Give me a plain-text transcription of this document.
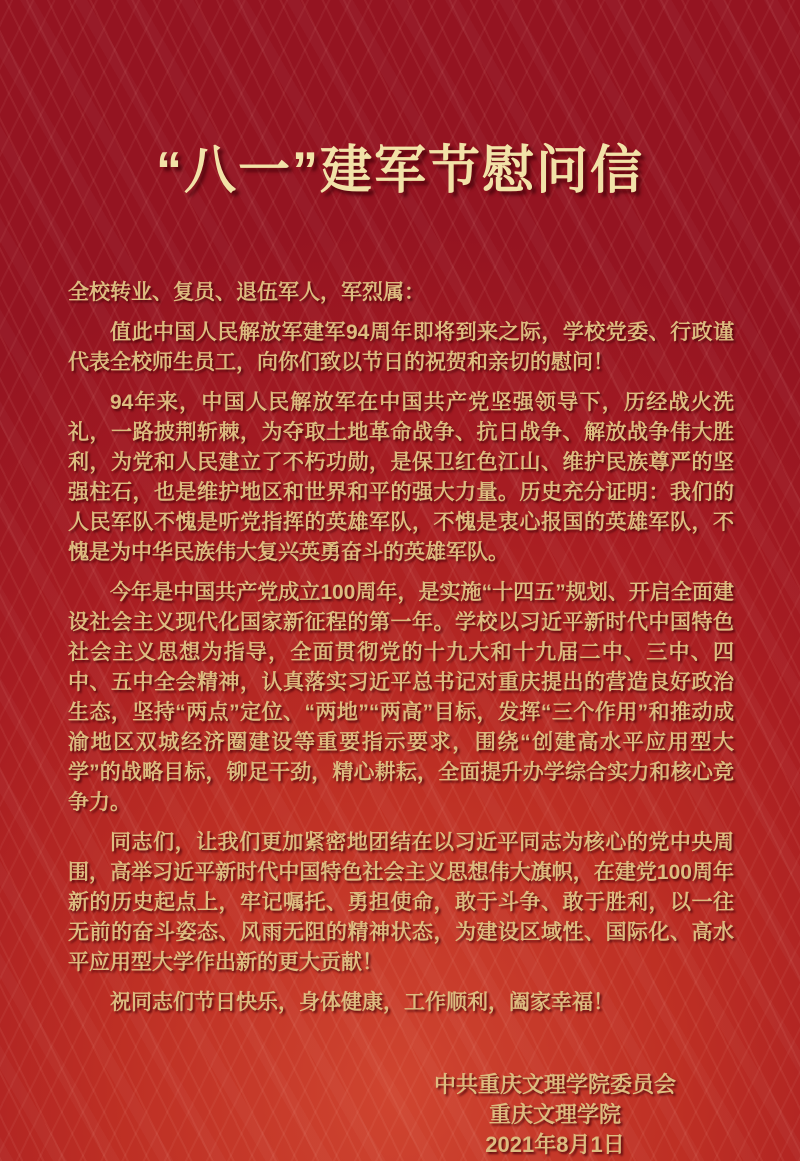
“八一”建军节慰问信

全校转业、复员、退伍军人，军烈属：

值此中国人民解放军建军94周年即将到来之际，学校党委、行政谨代表全校师生员工，向你们致以节日的祝贺和亲切的慰问！

94年来，中国人民解放军在中国共产党坚强领导下，历经战火洗礼，一路披荆斩棘，为夺取土地革命战争、抗日战争、解放战争伟大胜利，为党和人民建立了不朽功勋，是保卫红色江山、维护民族尊严的坚强柱石，也是维护地区和世界和平的强大力量。历史充分证明：我们的人民军队不愧是听党指挥的英雄军队，不愧是衷心报国的英雄军队，不愧是为中华民族伟大复兴英勇奋斗的英雄军队。

今年是中国共产党成立100周年，是实施“十四五”规划、开启全面建设社会主义现代化国家新征程的第一年。学校以习近平新时代中国特色社会主义思想为指导，全面贯彻党的十九大和十九届二中、三中、四中、五中全会精神，认真落实习近平总书记对重庆提出的营造良好政治生态，坚持“两点”定位、“两地”“两高”目标，发挥“三个作用”和推动成渝地区双城经济圈建设等重要指示要求，围绕“创建高水平应用型大学”的战略目标，铆足干劲，精心耕耘，全面提升办学综合实力和核心竞争力。

同志们，让我们更加紧密地团结在以习近平同志为核心的党中央周围，高举习近平新时代中国特色社会主义思想伟大旗帜，在建党100周年新的历史起点上，牢记嘱托、勇担使命，敢于斗争、敢于胜利，以一往无前的奋斗姿态、风雨无阻的精神状态，为建设区域性、国际化、高水平应用型大学作出新的更大贡献！

祝同志们节日快乐，身体健康，工作顺利，阖家幸福！

中共重庆文理学院委员会

重庆文理学院

2021年8月1日
